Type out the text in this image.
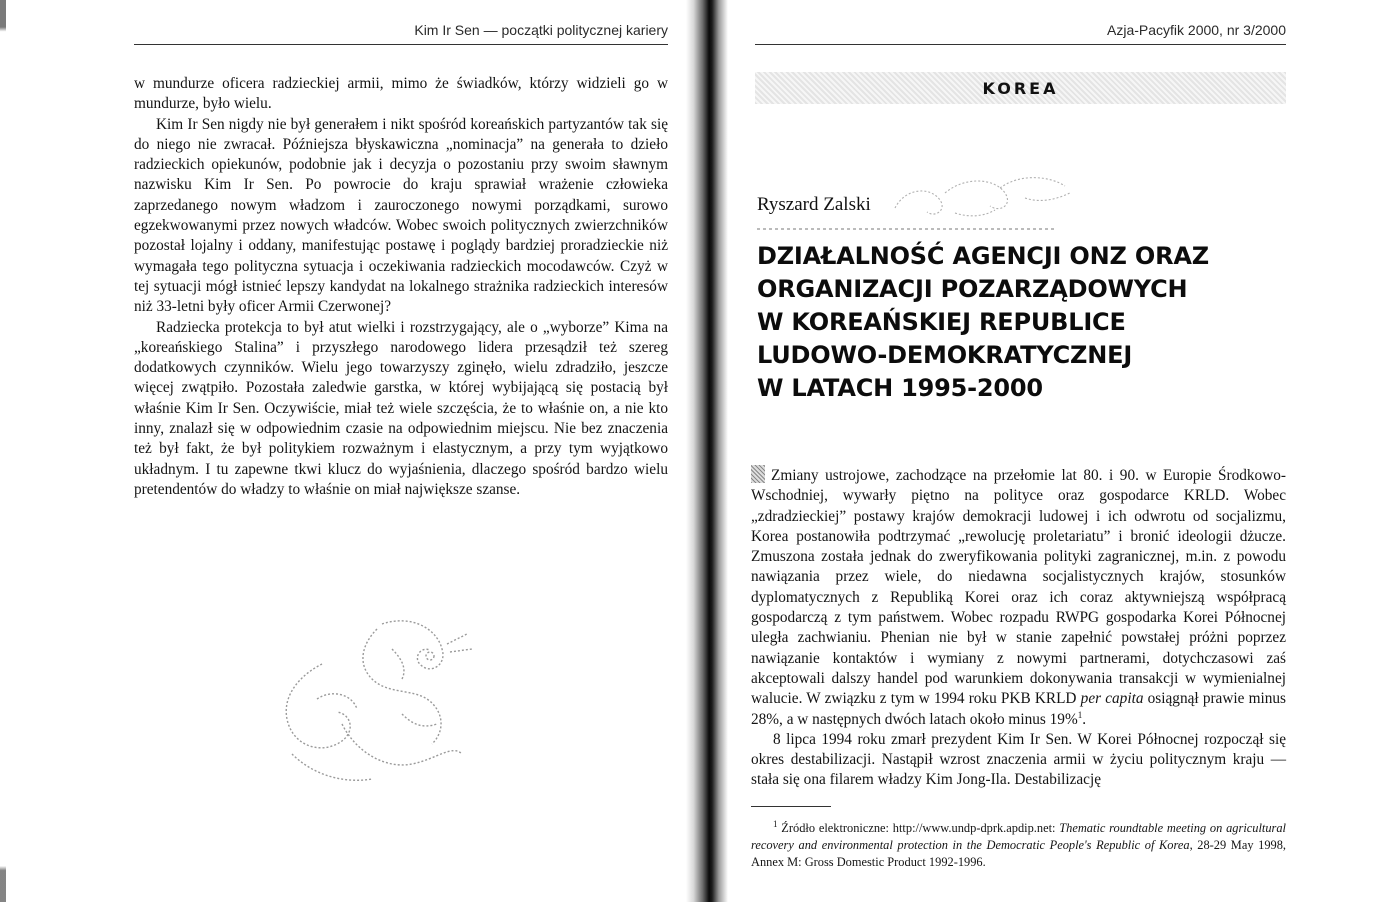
Kim Ir Sen — początki politycznej kariery

w mundurze oficera radzieckiej armii, mimo że świadków, którzy widzieli go w mundurze, było wielu.

Kim Ir Sen nigdy nie był generałem i nikt spośród koreańskich partyzantów tak się do niego nie zwracał. Późniejsza błyskawiczna „nominacja” na generała to dzieło radzieckich opiekunów, podobnie jak i decyzja o pozostaniu przy swoim sławnym nazwisku Kim Ir Sen. Po powrocie do kraju sprawiał wrażenie człowieka zaprzedanego nowym władzom i zauroczonego nowymi porządkami, surowo egzekwowanymi przez nowych władców. Wobec swoich politycznych zwierzchników pozostał lojalny i oddany, manifestując postawę i poglądy bardziej proradzieckie niż wymagała tego polityczna sytuacja i oczekiwania radzieckich mocodawców. Czyż w tej sytuacji mógł istnieć lepszy kandydat na lokalnego strażnika radzieckich interesów niż 33-letni były oficer Armii Czerwonej?

Radziecka protekcja to był atut wielki i rozstrzygający, ale o „wyborze” Kima na „koreańskiego Stalina” i przyszłego narodowego lidera przesądził też szereg dodatkowych czynników. Wielu jego towarzyszy zginęło, wielu zdradziło, jeszcze więcej zwątpiło. Pozostała zaledwie garstka, w której wybijającą się postacią był właśnie Kim Ir Sen. Oczywiście, miał też wiele szczęścia, że to właśnie on, a nie kto inny, znalazł się w odpowiednim czasie na odpowiednim miejscu. Nie bez znaczenia też był fakt, że był politykiem rozważnym i elastycznym, a przy tym wyjątkowo układnym. I tu zapewne tkwi klucz do wyjaśnienia, dlaczego spośród bardzo wielu pretendentów do władzy to właśnie on miał największe szanse.

Azja-Pacyfik 2000, nr 3/2000
KOREA
Ryszard Zalski
DZIAŁALNOŚĆ AGENCJI ONZ ORAZ
ORGANIZACJI POZARZĄDOWYCH
W KOREAŃSKIEJ REPUBLICE
LUDOWO-DEMOKRATYCZNEJ
W LATACH 1995-2000

Zmiany ustrojowe, zachodzące na przełomie lat 80. i 90. w Europie Środkowo-Wschodniej, wywarły piętno na polityce oraz gospodarce KRLD. Wobec „zdradzieckiej” postawy krajów demokracji ludowej i ich odwrotu od socjalizmu, Korea postanowiła podtrzymać „rewolucję proletariatu” i bronić ideologii dżucze. Zmuszona została jednak do zweryfikowania polityki zagranicznej, m.in. z powodu nawiązania przez wiele, do niedawna socjalistycznych krajów, stosunków dyplomatycznych z Republiką Korei oraz ich coraz aktywniejszą współpracą gospodarczą z tym państwem. Wobec rozpadu RWPG gospodarka Korei Północnej uległa zachwianiu. Phenian nie był w stanie zapełnić powstałej próżni poprzez nawiązanie kontaktów i wymiany z nowymi partnerami, dotychczasowi zaś akceptowali dalszy handel pod warunkiem dokonywania transakcji w wymienialnej walucie. W związku z tym w 1994 roku PKB KRLD per capita osiągnął prawie minus 28%, a w następnych dwóch latach około minus 19%$^1$.

8 lipca 1994 roku zmarł prezydent Kim Ir Sen. W Korei Północnej rozpoczął się okres destabilizacji. Nastąpił wzrost znaczenia armii w życiu politycznym kraju — stała się ona filarem władzy Kim Jong-Ila. Destabilizację

$^1$ Źródło elektroniczne: http://www.undp-dprk.apdip.net: Thematic roundtable meeting on agricultural recovery and environmental protection in the Democratic People's Republic of Korea, 28-29 May 1998, Annex M: Gross Domestic Product 1992-1996.
